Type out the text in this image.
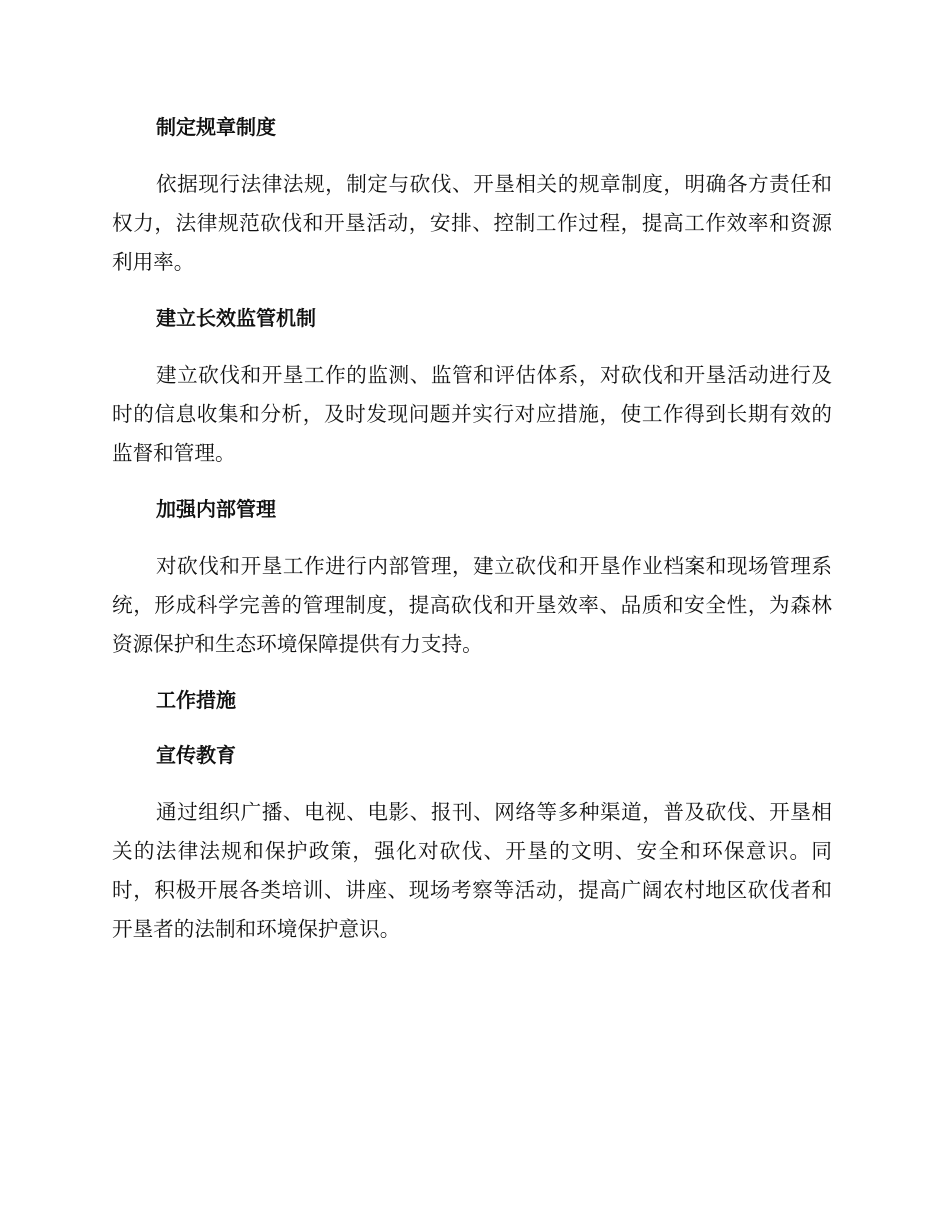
制定规章制度

依据现行法律法规，制定与砍伐、开垦相关的规章制度，明确各方责任和权力，法律规范砍伐和开垦活动，安排、控制工作过程，提高工作效率和资源利用率。

建立长效监管机制

建立砍伐和开垦工作的监测、监管和评估体系，对砍伐和开垦活动进行及时的信息收集和分析，及时发现问题并实行对应措施，使工作得到长期有效的监督和管理。

加强内部管理

对砍伐和开垦工作进行内部管理，建立砍伐和开垦作业档案和现场管理系统，形成科学完善的管理制度，提高砍伐和开垦效率、品质和安全性，为森林资源保护和生态环境保障提供有力支持。

工作措施
宣传教育

通过组织广播、电视、电影、报刊、网络等多种渠道，普及砍伐、开垦相关的法律法规和保护政策，强化对砍伐、开垦的文明、安全和环保意识。同时，积极开展各类培训、讲座、现场考察等活动，提高广阔农村地区砍伐者和开垦者的法制和环境保护意识。
